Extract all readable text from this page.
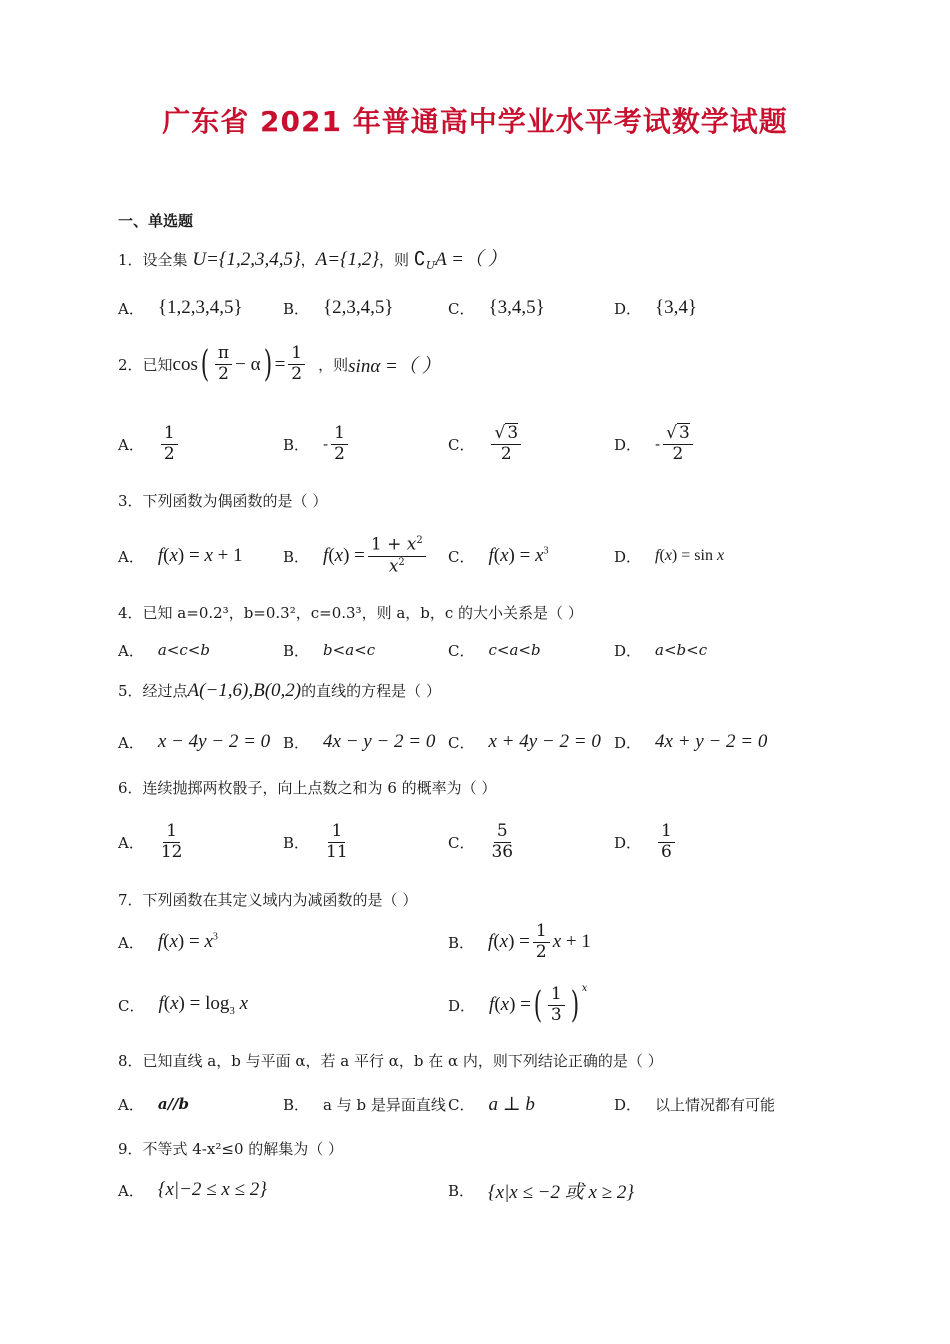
广东省 2021 年普通高中学业水平考试数学试题
一、单选题
1．设全集 U={1,2,3,4,5}，A={1,2}，则 $∁_UA$ =（ ）
A． {1,2,3,4,5}	B． {2,3,4,5}	C． {3,4,5}	D． {3,4}
2．已知 cos ( π
2 − α ) = $\frac{1}{2}$ ，则 sinα =（ ）
A．
1
2	B． -
1
2	C．
√ 3
2	D． -
√ 3
2
3．下列函数为偶函数的是（ ）
A． f(x) = x + 1	B． $f(x) = \frac{1 + x^2}{x^2}$ C． $f(x) = x^3$	D． f(x) = sin x
4．已知 a=0.2³，b=0.3²，c=0.3³，则 a，b，c 的大小关系是（ ）
A． a<c<b	B． b<a<c	C． c<a<b	D． a<b<c
5．经过点A(−1,6),B(0,2)的直线的方程是（ ）
A． x − 4y − 2 = 0 B． 4x − y − 2 = 0 C． x + 4y − 2 = 0 D． 4x + y − 2 = 0
6．连续抛掷两枚骰子，向上点数之和为 6 的概率为（ ）
A．
1
12	B．
1
11	C．
5
36	D．
1
6
7．下列函数在其定义域内为减函数的是（ ）
A． $f(x) = x^3$	B． $f(x) = \frac{1}{2}$ x + 1
C． $f(x) = \log_3 x$	D． f(x) = ( 1
3 ) $^x$
8．已知直线 a，b 与平面 α，若 a 平行 α，b 在 α 内，则下列结论正确的是（ ）
A． a//b	B． a 与 b 是异面直线 C． a ⊥ b	D． 以上情况都有可能
9．不等式 4-x²≤0 的解集为（ ）
A． {x|−2 ≤ x ≤ 2}	B． {x|x ≤ −2 或 x ≥ 2}
